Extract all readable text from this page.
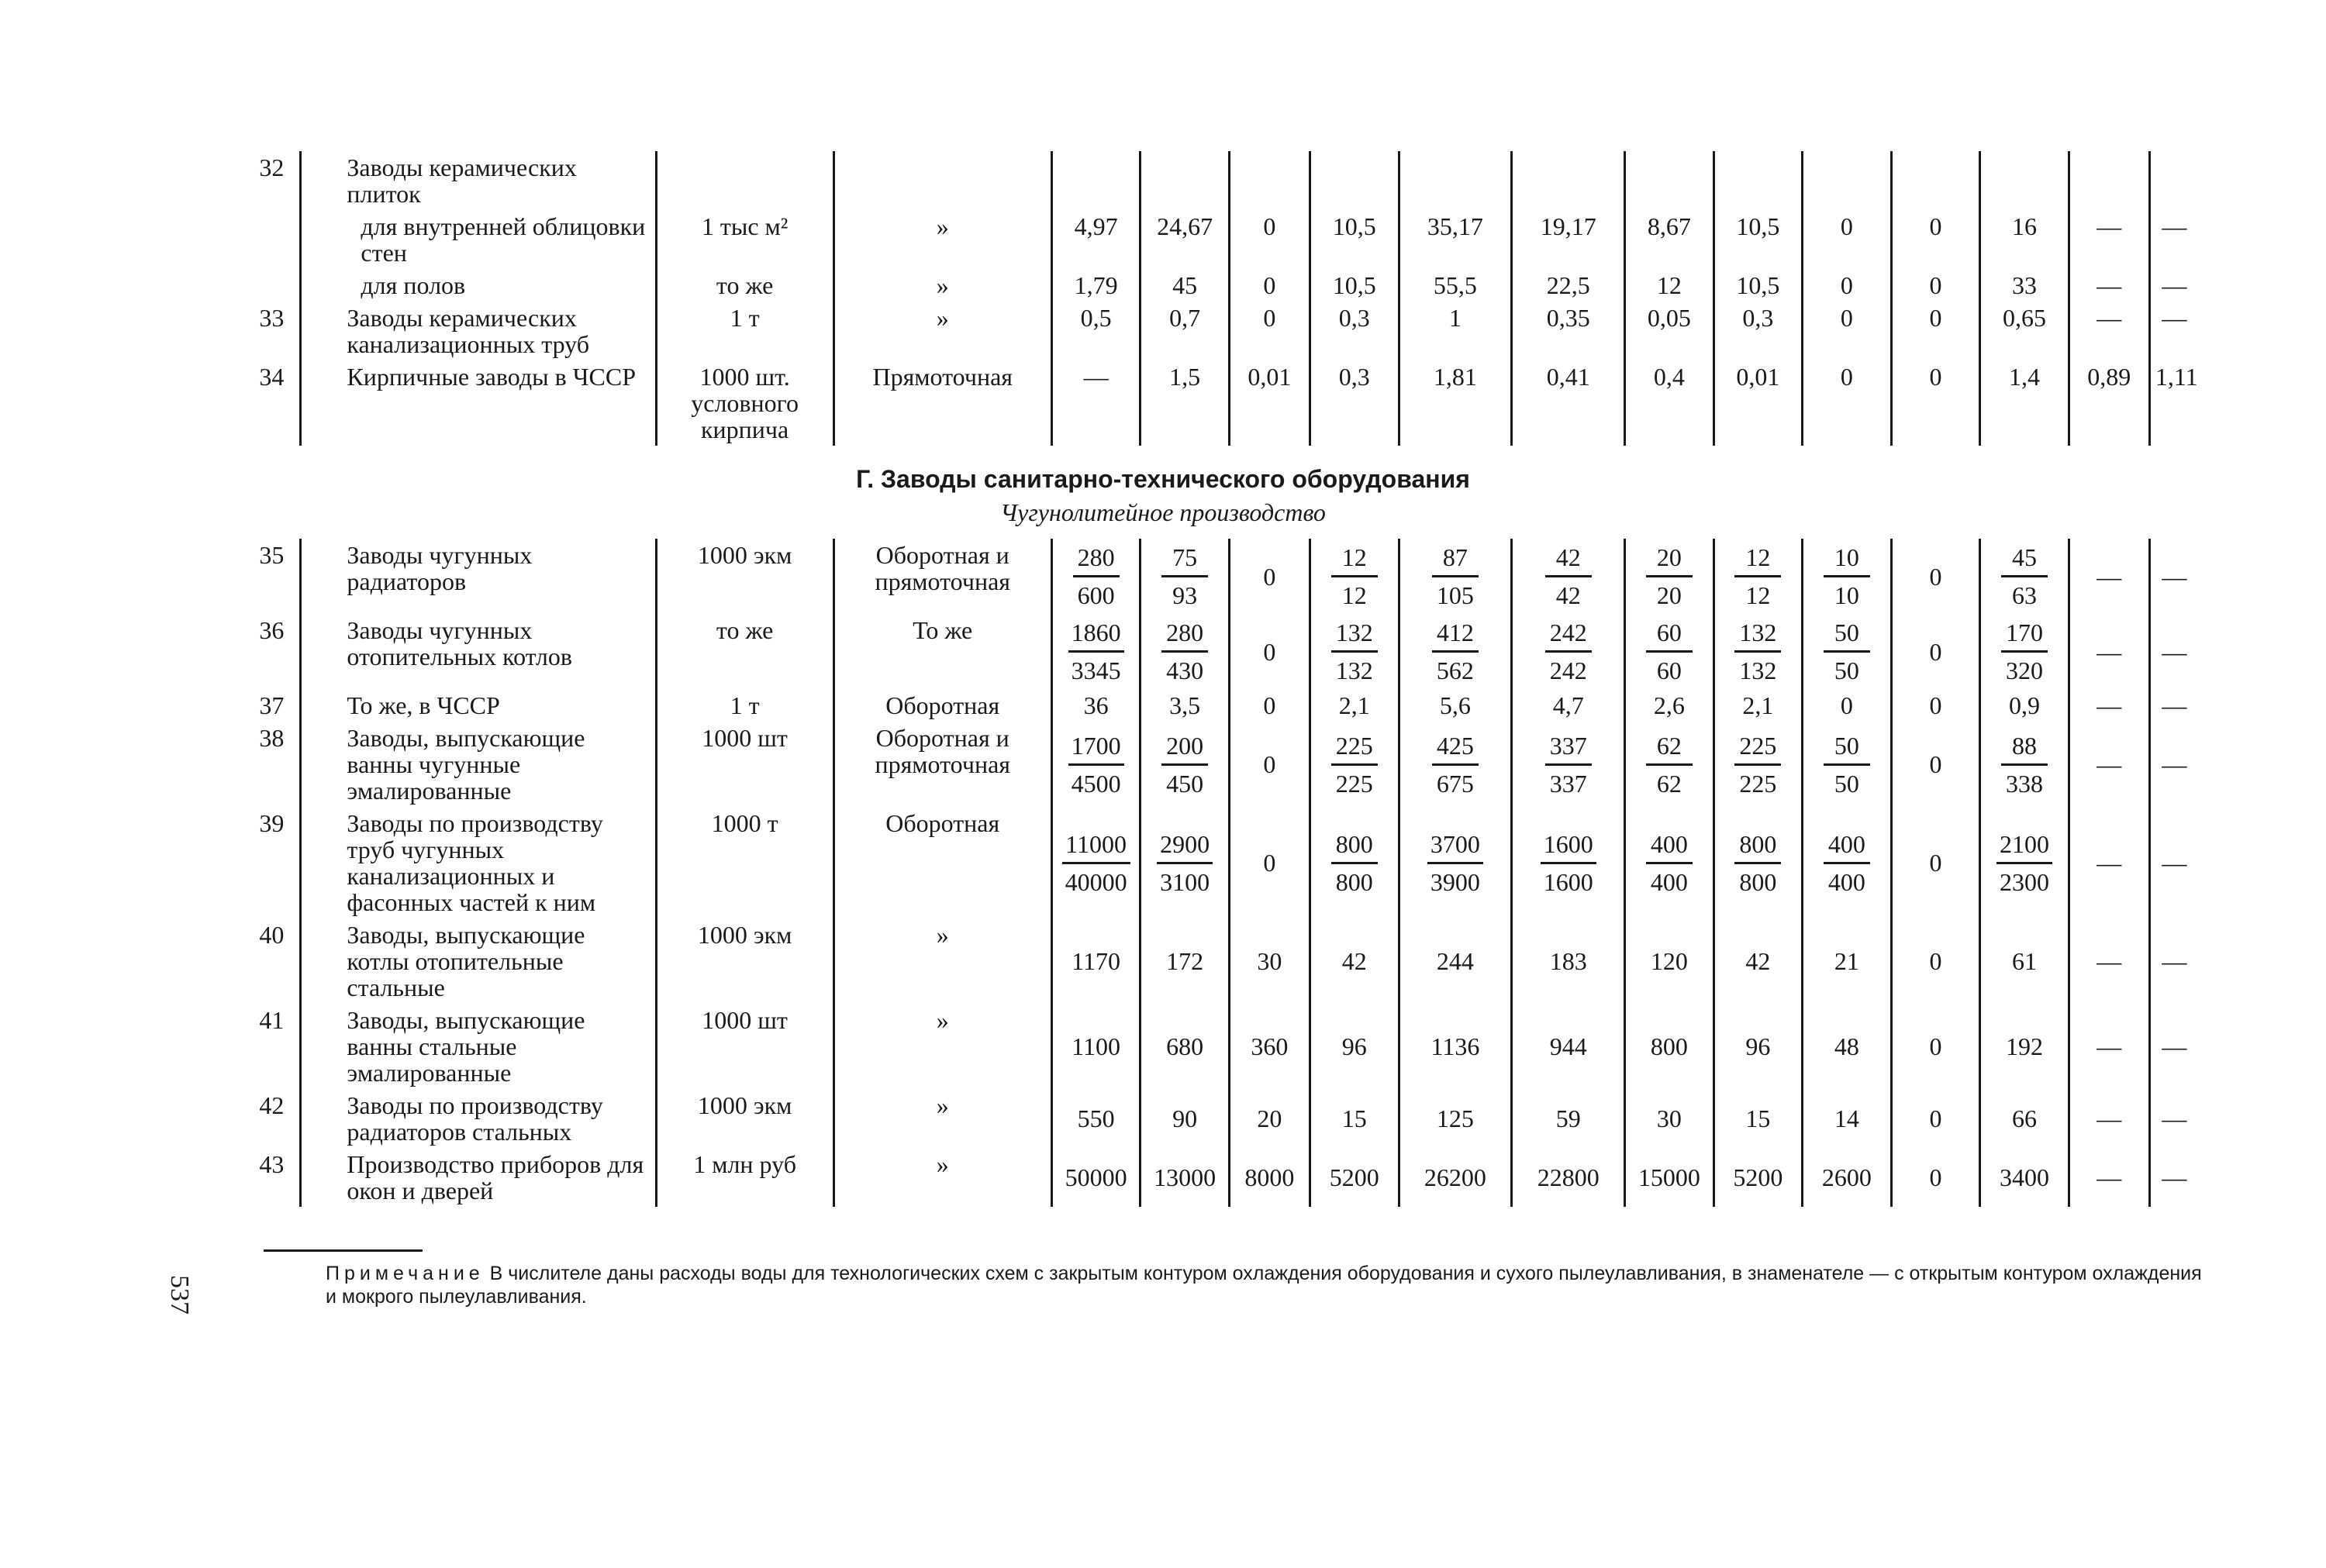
32	Заводы керамических плиток															

	для внутренней облицовки стен	1 тыс м²	»	4,97	24,67	0	10,5	35,17	19,17	8,67	10,5	0	0	16	—	—

	для полов	то же	»	1,79	45	0	10,5	55,5	22,5	12	10,5	0	0	33	—	—
33	Заводы керамических канализационных труб	1 т	»	0,5	0,7	0	0,3	1	0,35	0,05	0,3	0	0	0,65	—	—
34	Кирпичные заводы в ЧССР	1000 шт. условного кирпича	Прямоточная	—	1,5	0,01	0,3	1,81	0,41	0,4	0,01	0	0	1,4	0,89	1,11
Г. Заводы санитарно-технического оборудования
Чугунолитейное производство
35	Заводы чугунных радиаторов	1000 экм	Оборотная и прямоточная	$\frac{280}{600}$	$\frac{75}{93}$	0	$\frac{12}{12}$	$\frac{87}{105}$	$\frac{42}{42}$	$\frac{20}{20}$	$\frac{12}{12}$	$\frac{10}{10}$	0	$\frac{45}{63}$	—	—
36	Заводы чугунных отопительных котлов	то же	То же	$\frac{1860}{3345}$	$\frac{280}{430}$	0	$\frac{132}{132}$	$\frac{412}{562}$	$\frac{242}{242}$	$\frac{60}{60}$	$\frac{132}{132}$	$\frac{50}{50}$	0	$\frac{170}{320}$	—	—
37	То же, в ЧССР	1 т	Оборотная	36	3,5	0	2,1	5,6	4,7	2,6	2,1	0	0	0,9	—	—
38	Заводы, выпускающие ванны чугунные эмалированные	1000 шт	Оборотная и прямоточная	$\frac{1700}{4500}$	$\frac{200}{450}$	0	$\frac{225}{225}$	$\frac{425}{675}$	$\frac{337}{337}$	$\frac{62}{62}$	$\frac{225}{225}$	$\frac{50}{50}$	0	$\frac{88}{338}$	—	—
39	Заводы по производству труб чугунных канализационных и фасонных частей к ним	1000 т	Оборотная	$\frac{11000}{40000}$	$\frac{2900}{3100}$	0	$\frac{800}{800}$	$\frac{3700}{3900}$	$\frac{1600}{1600}$	$\frac{400}{400}$	$\frac{800}{800}$	$\frac{400}{400}$	0	$\frac{2100}{2300}$	—	—
40	Заводы, выпускающие котлы отопительные стальные	1000 экм	»	1170	172	30	42	244	183	120	42	21	0	61	—	—
41	Заводы, выпускающие ванны стальные эмалированные	1000 шт	»	1100	680	360	96	1136	944	800	96	48	0	192	—	—
42	Заводы по производству радиаторов стальных	1000 экм	»	550	90	20	15	125	59	30	15	14	0	66	—	—
43	Производство приборов для окон и дверей	1 млн руб	»	50000	13000	8000	5200	26200	22800	15000	5200	2600	0	3400	—	—
Примечание В числителе даны расходы воды для технологических схем с закрытым контуром охлаждения оборудования и сухого пылеулавливания, в знаменателе — с открытым контуром охлаждения и мокрого пылеулавливания.
537
